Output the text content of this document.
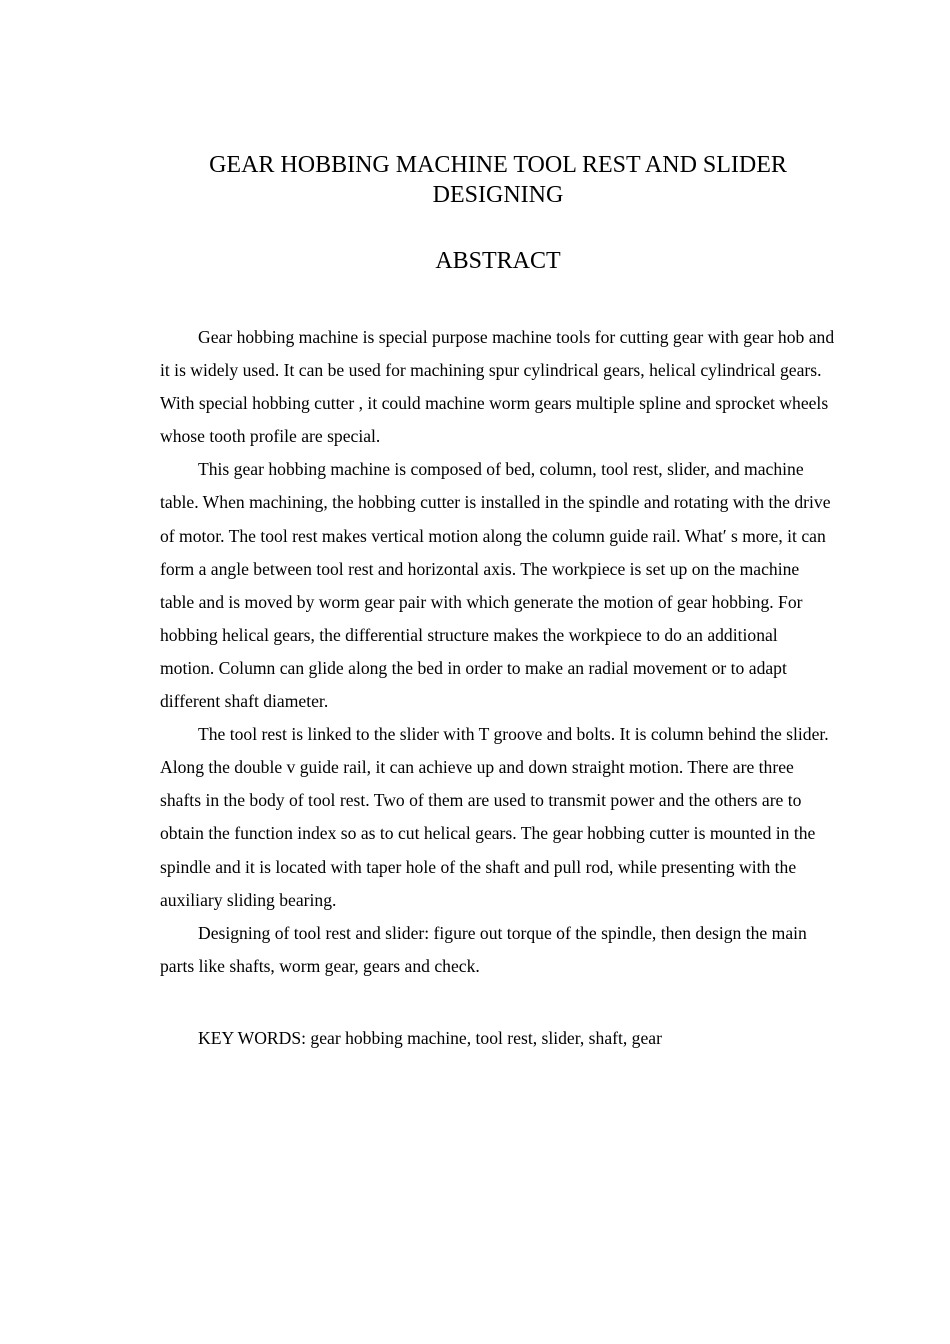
GEAR HOBBING MACHINE TOOL REST AND SLIDER DESIGNING
ABSTRACT

Gear hobbing machine is special purpose machine tools for cutting gear with gear hob and it is widely used. It can be used for machining spur cylindrical gears, helical cylindrical gears. With special hobbing cutter , it could machine worm gears multiple spline and sprocket wheels whose tooth profile are special.

This gear hobbing machine is composed of bed, column, tool rest, slider, and machine table. When machining, the hobbing cutter is installed in the spindle and rotating with the drive of motor. The tool rest makes vertical motion along the column guide rail. What′ s more, it can form a angle between tool rest and horizontal axis. The workpiece is set up on the machine table and is moved by worm gear pair with which generate the motion of gear hobbing. For hobbing helical gears, the differential structure makes the workpiece to do an additional motion. Column can glide along the bed in order to make an radial movement or to adapt different shaft diameter.

The tool rest is linked to the slider with T groove and bolts. It is column behind the slider. Along the double v guide rail, it can achieve up and down straight motion. There are three shafts in the body of tool rest. Two of them are used to transmit power and the others are to obtain the function index so as to cut helical gears. The gear hobbing cutter is mounted in the spindle and it is located with taper hole of the shaft and pull rod, while presenting with the auxiliary sliding bearing.

Designing of tool rest and slider: figure out torque of the spindle, then design the main parts like shafts, worm gear, gears and check.

KEY WORDS: gear hobbing machine, tool rest, slider, shaft, gear
